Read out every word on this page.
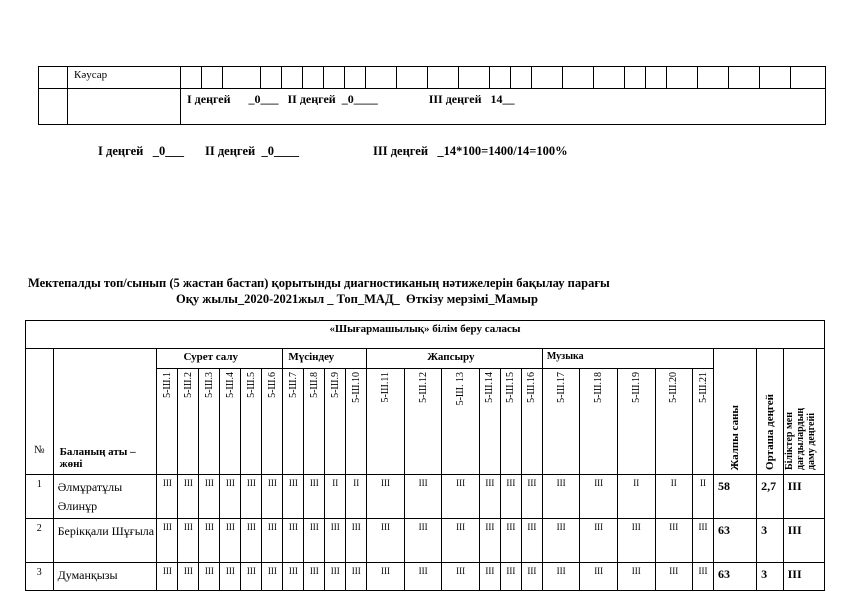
	Кәусар																								
		I деңгей      _0___   II деңгей  _0____                 III деңгей   14__																							
I деңгей   _0___ II деңгей  _0____	III деңгей   _14*100=1400/14=100%
Мектепалды топ/сынып (5 жастан бастап) қорытынды диагностиканың нәтижелерін бақылау парағы
Оқу жылы_2020-2021жыл _ Топ_МАД_  Өткізу мерзімі_Мамыр
«Шығармашылық» білім беру саласы																									

№	Баланың аты –жөні	Сурет салу						Мүсіндеу				Жапсыру						Музыка					Жалпы саны	Орташа деңгей	Біліктер мен дағдылардың даму деңгейі

		5-Ш.1	5-Ш.2	5-Ш.3	5-Ш.4	5-Ш.5	5-Ш.6	5-Ш.7	5-Ш.8	5-Ш.9	5-Ш.10	5-Ш.11	5-Ш.12	5-Ш. 13	5-Ш.14	5-Ш.15	5-Ш.16	5-Ш.17	5-Ш.18	5-Ш.19	5-Ш.20	5-Ш.21			

1	Әлмұратұлы Әлинұр	ІІІ	ІІІ	ІІІ	ІІІ	ІІІ	ІІІ	ІІІ	ІІІ	ІІ	ІІ	ІІІ	ІІІ	ІІІ	ІІІ	ІІІ	ІІІ	ІІІ	ІІІ	ІІ	ІІ	ІІ	58	2,7	ІІІ
2	Берікқали Шұғыла	ІІІ	ІІІ	ІІІ	ІІІ	ІІІ	ІІІ	ІІІ	ІІІ	ІІІ	ІІІ	ІІІ	ІІІ	ІІІ	ІІІ	ІІІ	ІІІ	ІІІ	ІІІ	ІІІ	ІІІ	ІІІ	63	3	ІІІ
3	Думанқызы	ІІІ	ІІІ	ІІІ	ІІІ	ІІІ	ІІІ	ІІІ	ІІІ	ІІІ	ІІІ	ІІІ	ІІІ	ІІІ	ІІІ	ІІІ	ІІІ	ІІІ	ІІІ	ІІІ	ІІІ	ІІІ	63	3	ІІІ
